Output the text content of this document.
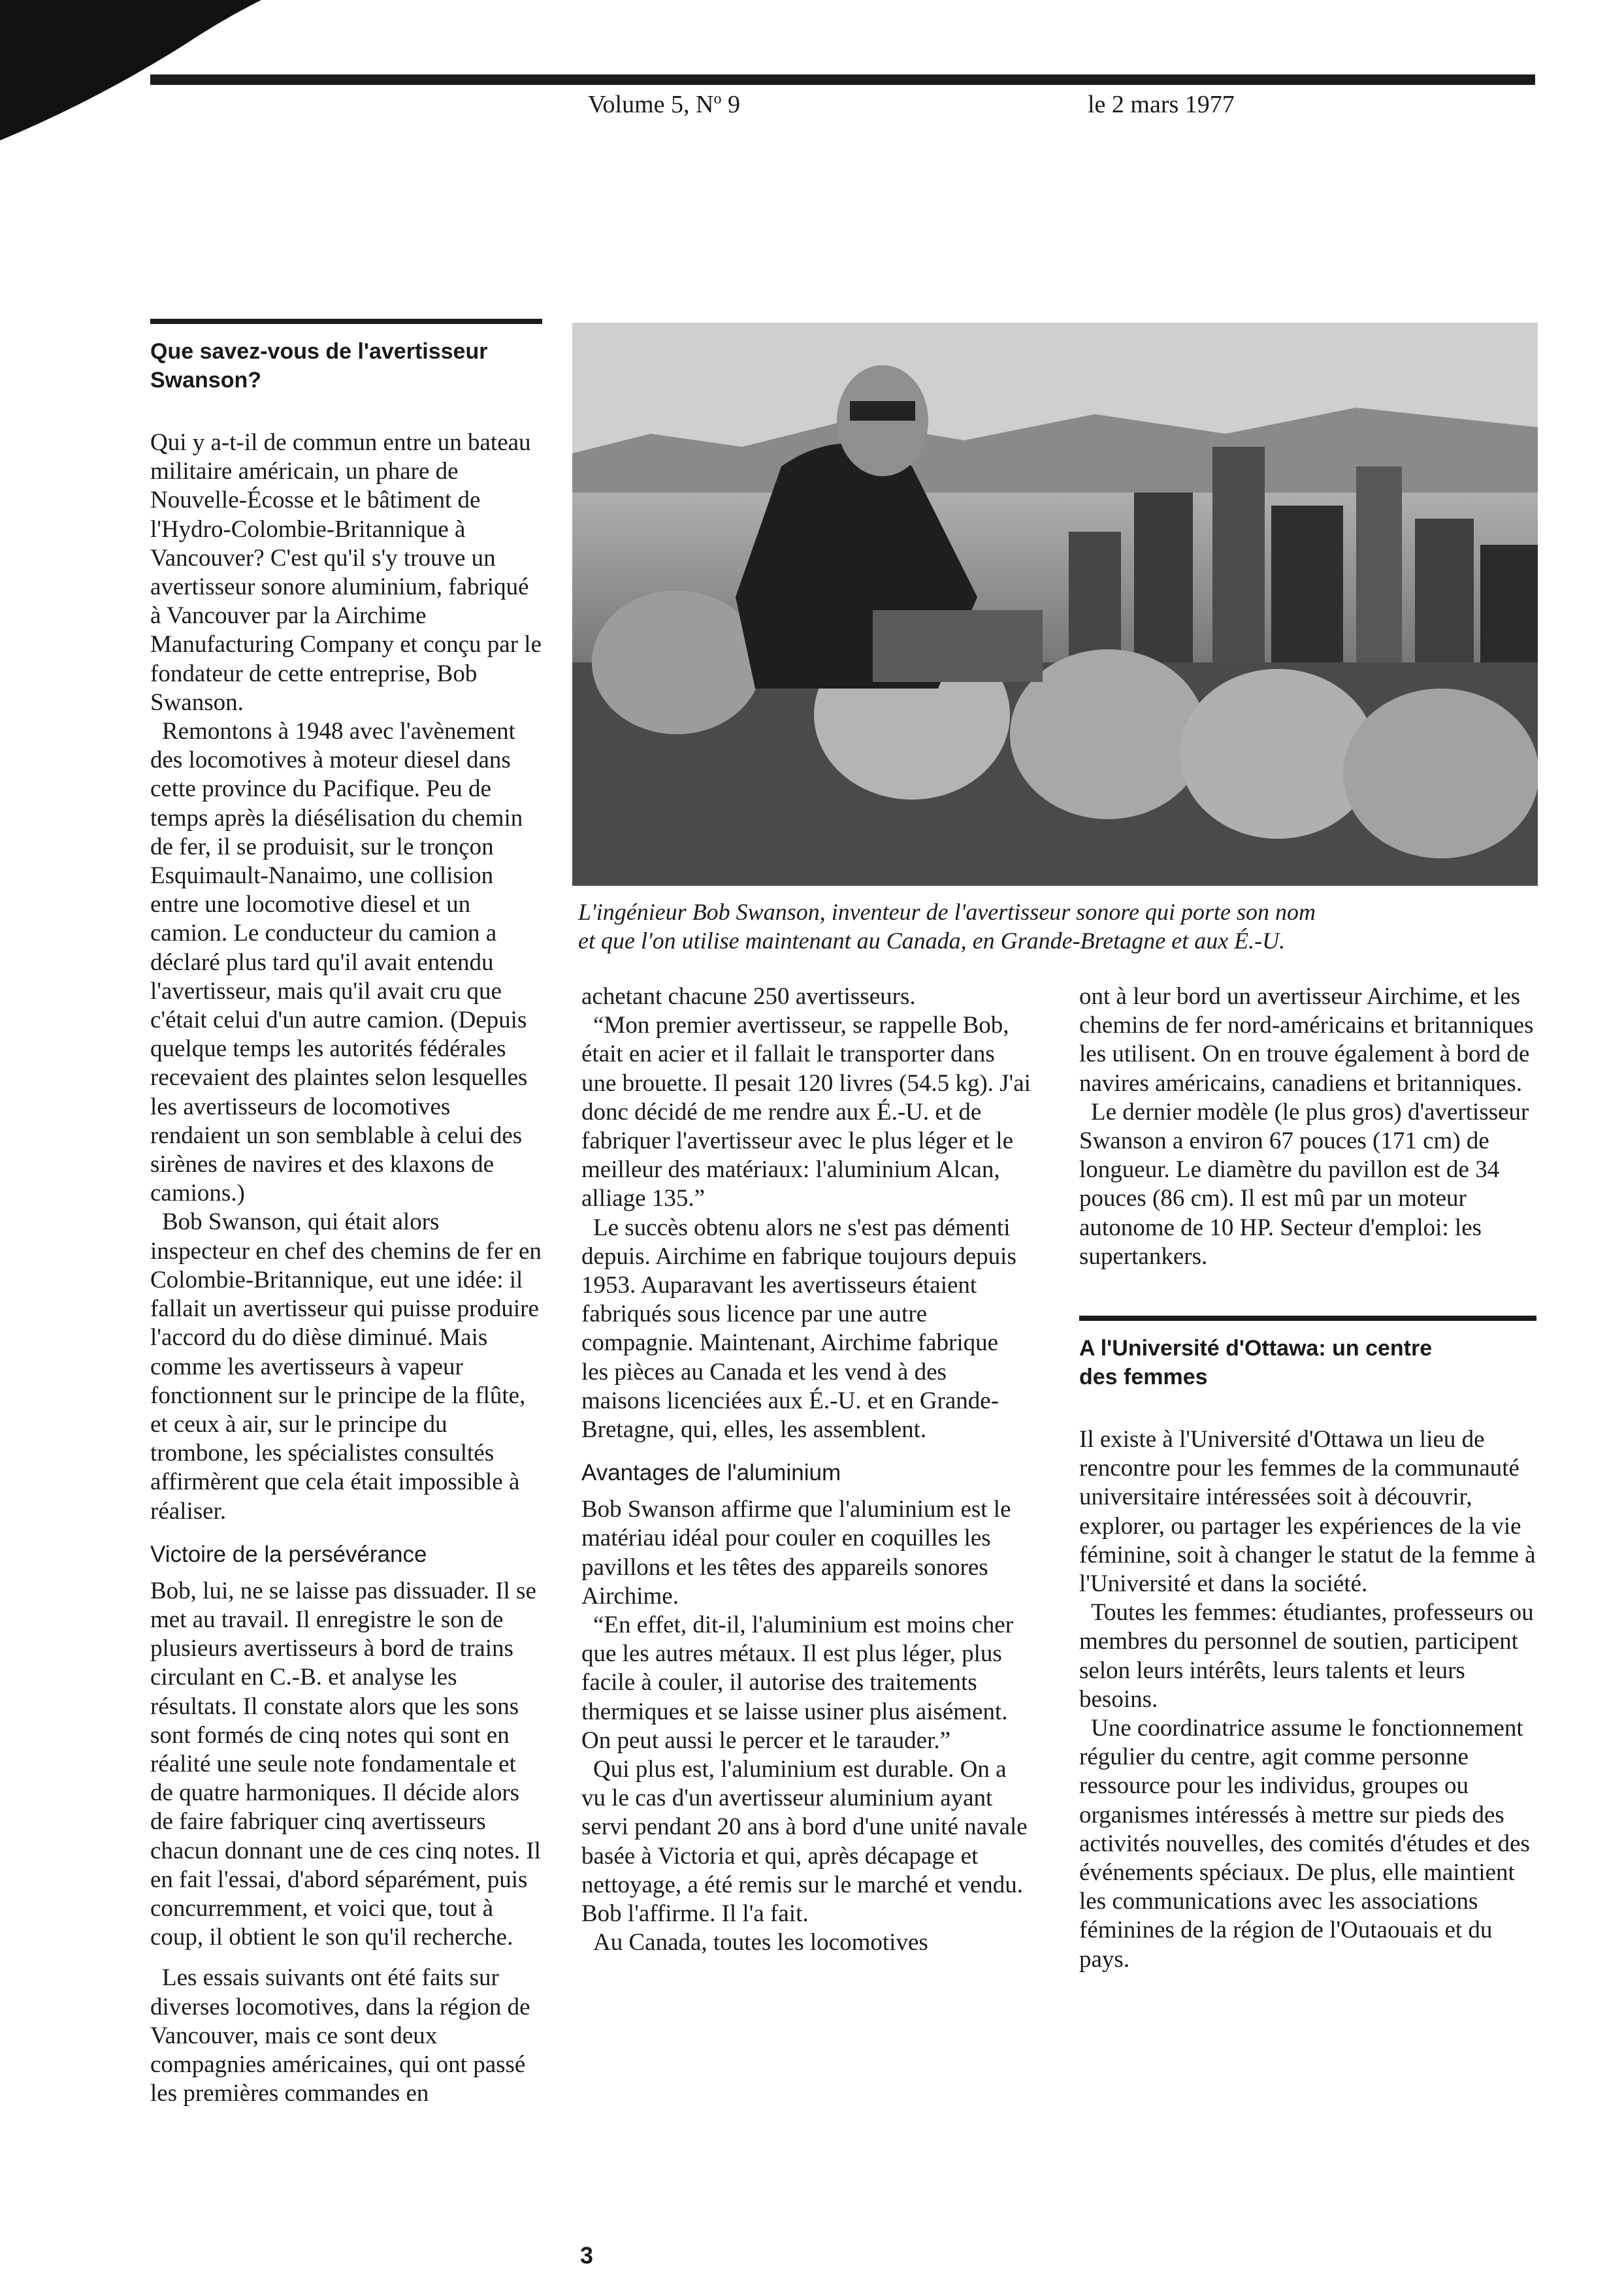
Volume 5, $N^o$ 9	le 2 mars 1977
Que savez-vous de l'avertisseur
Swanson?

Qui y a-t-il de commun entre un bateau militaire américain, un phare de Nouvelle-Écosse et le bâtiment de l'Hydro-Colombie-Britannique à Vancouver? C'est qu'il s'y trouve un avertisseur sonore aluminium, fabriqué à Vancouver par la Airchime Manufacturing Company et conçu par le fondateur de cette entreprise, Bob Swanson.

Remontons à 1948 avec l'avènement des locomotives à moteur diesel dans cette province du Pacifique. Peu de temps après la diésélisation du chemin de fer, il se produisit, sur le tronçon Esquimault-Nanaimo, une collision entre une locomotive diesel et un camion. Le conducteur du camion a déclaré plus tard qu'il avait entendu l'avertisseur, mais qu'il avait cru que c'était celui d'un autre camion. (Depuis quelque temps les autorités fédérales recevaient des plaintes selon lesquelles les avertisseurs de locomotives rendaient un son semblable à celui des sirènes de navires et des klaxons de camions.)

Bob Swanson, qui était alors inspecteur en chef des chemins de fer en Colombie-Britannique, eut une idée: il fallait un avertisseur qui puisse produire l'accord du do dièse diminué. Mais comme les avertisseurs à vapeur fonctionnent sur le principe de la flûte, et ceux à air, sur le principe du trombone, les spécialistes consultés affirmèrent que cela était impossible à réaliser.

Victoire de la persévérance

Bob, lui, ne se laisse pas dissuader. Il se met au travail. Il enregistre le son de plusieurs avertisseurs à bord de trains circulant en C.-B. et analyse les résultats. Il constate alors que les sons sont formés de cinq notes qui sont en réalité une seule note fondamentale et de quatre harmoniques. Il décide alors de faire fabriquer cinq avertisseurs chacun donnant une de ces cinq notes. Il en fait l'essai, d'abord séparément, puis concurremment, et voici que, tout à coup, il obtient le son qu'il recherche.

Les essais suivants ont été faits sur diverses locomotives, dans la région de Vancouver, mais ce sont deux compagnies américaines, qui ont passé les premières commandes en

L'ingénieur Bob Swanson, inventeur de l'avertisseur sonore qui porte son nom
et que l'on utilise maintenant au Canada, en Grande-Bretagne et aux É.-U.

achetant chacune 250 avertisseurs.

“Mon premier avertisseur, se rappelle Bob, était en acier et il fallait le transporter dans une brouette. Il pesait 120 livres (54.5 kg). J'ai donc décidé de me rendre aux É.-U. et de fabriquer l'avertisseur avec le plus léger et le meilleur des matériaux: l'aluminium Alcan, alliage 135.”

Le succès obtenu alors ne s'est pas démenti depuis. Airchime en fabrique toujours depuis 1953. Auparavant les avertisseurs étaient fabriqués sous licence par une autre compagnie. Maintenant, Airchime fabrique les pièces au Canada et les vend à des maisons licenciées aux É.-U. et en Grande-Bretagne, qui, elles, les assemblent.

Avantages de l'aluminium

Bob Swanson affirme que l'aluminium est le matériau idéal pour couler en coquilles les pavillons et les têtes des appareils sonores Airchime.

“En effet, dit-il, l'aluminium est moins cher que les autres métaux. Il est plus léger, plus facile à couler, il autorise des traitements thermiques et se laisse usiner plus aisément. On peut aussi le percer et le tarauder.”

Qui plus est, l'aluminium est durable. On a vu le cas d'un avertisseur aluminium ayant servi pendant 20 ans à bord d'une unité navale basée à Victoria et qui, après décapage et nettoyage, a été remis sur le marché et vendu. Bob l'affirme. Il l'a fait.

Au Canada, toutes les locomotives

ont à leur bord un avertisseur Airchime, et les chemins de fer nord-américains et britanniques les utilisent. On en trouve également à bord de navires américains, canadiens et britanniques.

Le dernier modèle (le plus gros) d'avertisseur Swanson a environ 67 pouces (171 cm) de longueur. Le diamètre du pavillon est de 34 pouces (86 cm). Il est mû par un moteur autonome de 10 HP. Secteur d'emploi: les supertankers.

A l'Université d'Ottawa: un centre
des femmes

Il existe à l'Université d'Ottawa un lieu de rencontre pour les femmes de la communauté universitaire intéressées soit à découvrir, explorer, ou partager les expériences de la vie féminine, soit à changer le statut de la femme à l'Université et dans la société.

Toutes les femmes: étudiantes, professeurs ou membres du personnel de soutien, participent selon leurs intérêts, leurs talents et leurs besoins.

Une coordinatrice assume le fonctionnement régulier du centre, agit comme personne ressource pour les individus, groupes ou organismes intéressés à mettre sur pieds des activités nouvelles, des comités d'études et des événements spéciaux. De plus, elle maintient les communications avec les associations féminines de la région de l'Outaouais et du pays.

3
